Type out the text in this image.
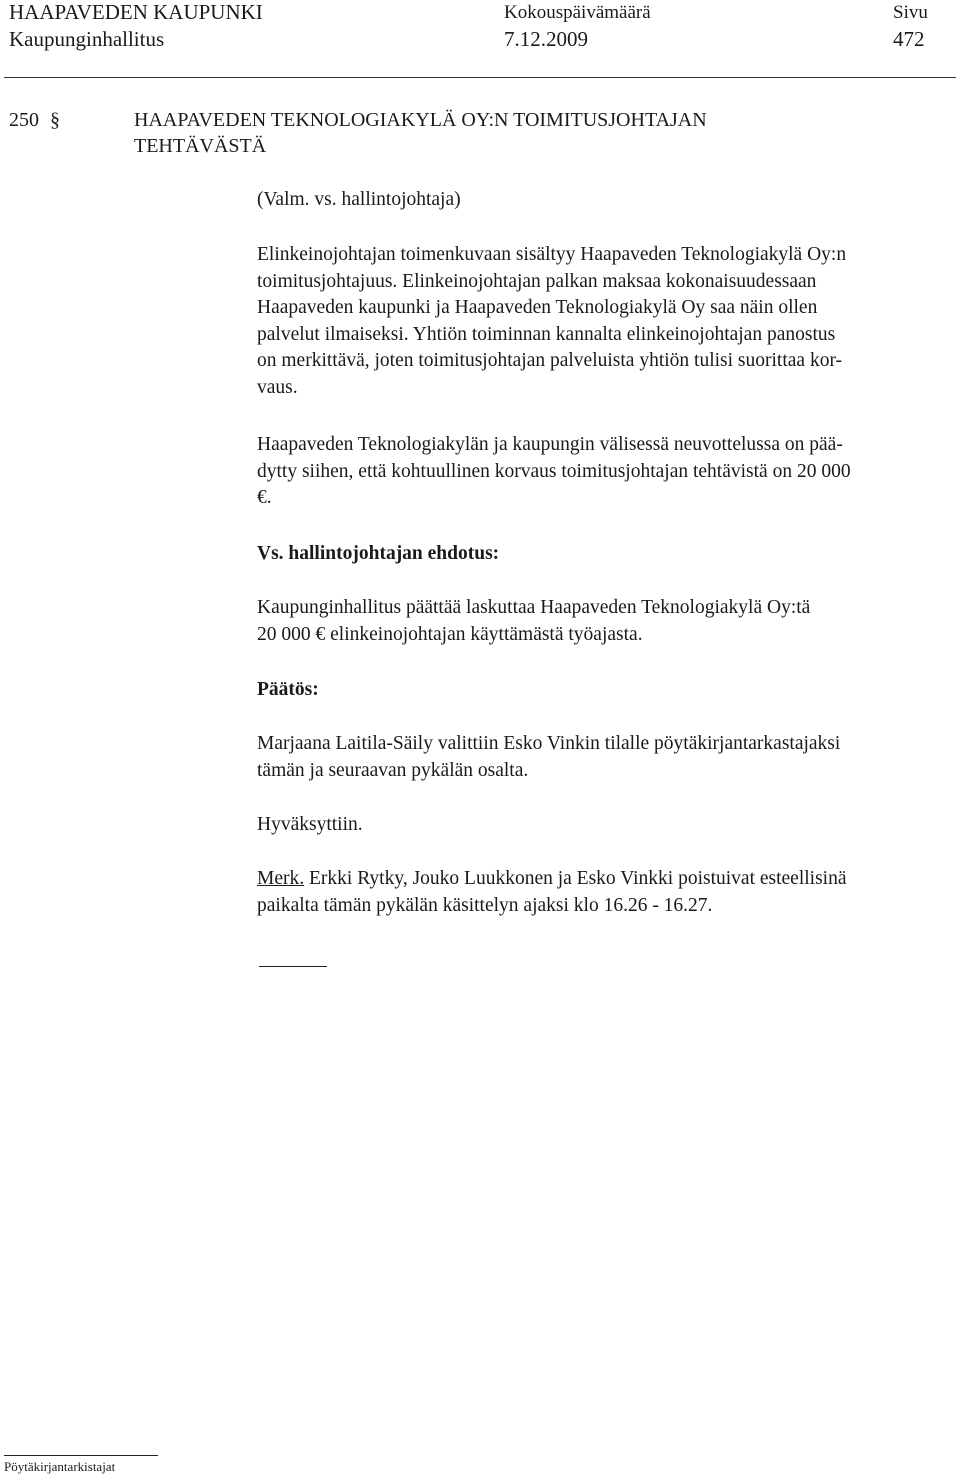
HAAPAVEDEN KAUPUNKI
Kaupunginhallitus
Kokouspäivämäärä
7.12.2009
Sivu
472
250 §	HAAPAVEDEN TEKNOLOGIAKYLÄ OY:N TOIMITUSJOHTAJAN
TEHTÄVÄSTÄ
(Valm. vs. hallintojohtaja)

Elinkeinojohtajan toimenkuvaan sisältyy Haapaveden Teknologiakylä Oy:n

toimitusjohtajuus. Elinkeinojohtajan palkan maksaa kokonaisuudessaan

Haapaveden kaupunki ja Haapaveden Teknologiakylä Oy saa näin ollen

palvelut ilmaiseksi. Yhtiön toiminnan kannalta elinkeinojohtajan panostus

on merkittävä, joten toimitusjohtajan palveluista yhtiön tulisi suorittaa kor-

vaus.

Haapaveden Teknologiakylän ja kaupungin välisessä neuvottelussa on pää-

dytty siihen, että kohtuullinen korvaus toimitusjohtajan tehtävistä on 20 000

€.

Vs. hallintojohtajan ehdotus:

Kaupunginhallitus päättää laskuttaa Haapaveden Teknologiakylä Oy:tä

20 000 € elinkeinojohtajan käyttämästä työajasta.

Päätös:

Marjaana Laitila-Säily valittiin Esko Vinkin tilalle pöytäkirjantarkastajaksi

tämän ja seuraavan pykälän osalta.

Hyväksyttiin.

Merk. Erkki Rytky, Jouko Luukkonen ja Esko Vinkki poistuivat esteellisinä

paikalta tämän pykälän käsittelyn ajaksi klo 16.26 - 16.27.

Pöytäkirjantarkistajat
